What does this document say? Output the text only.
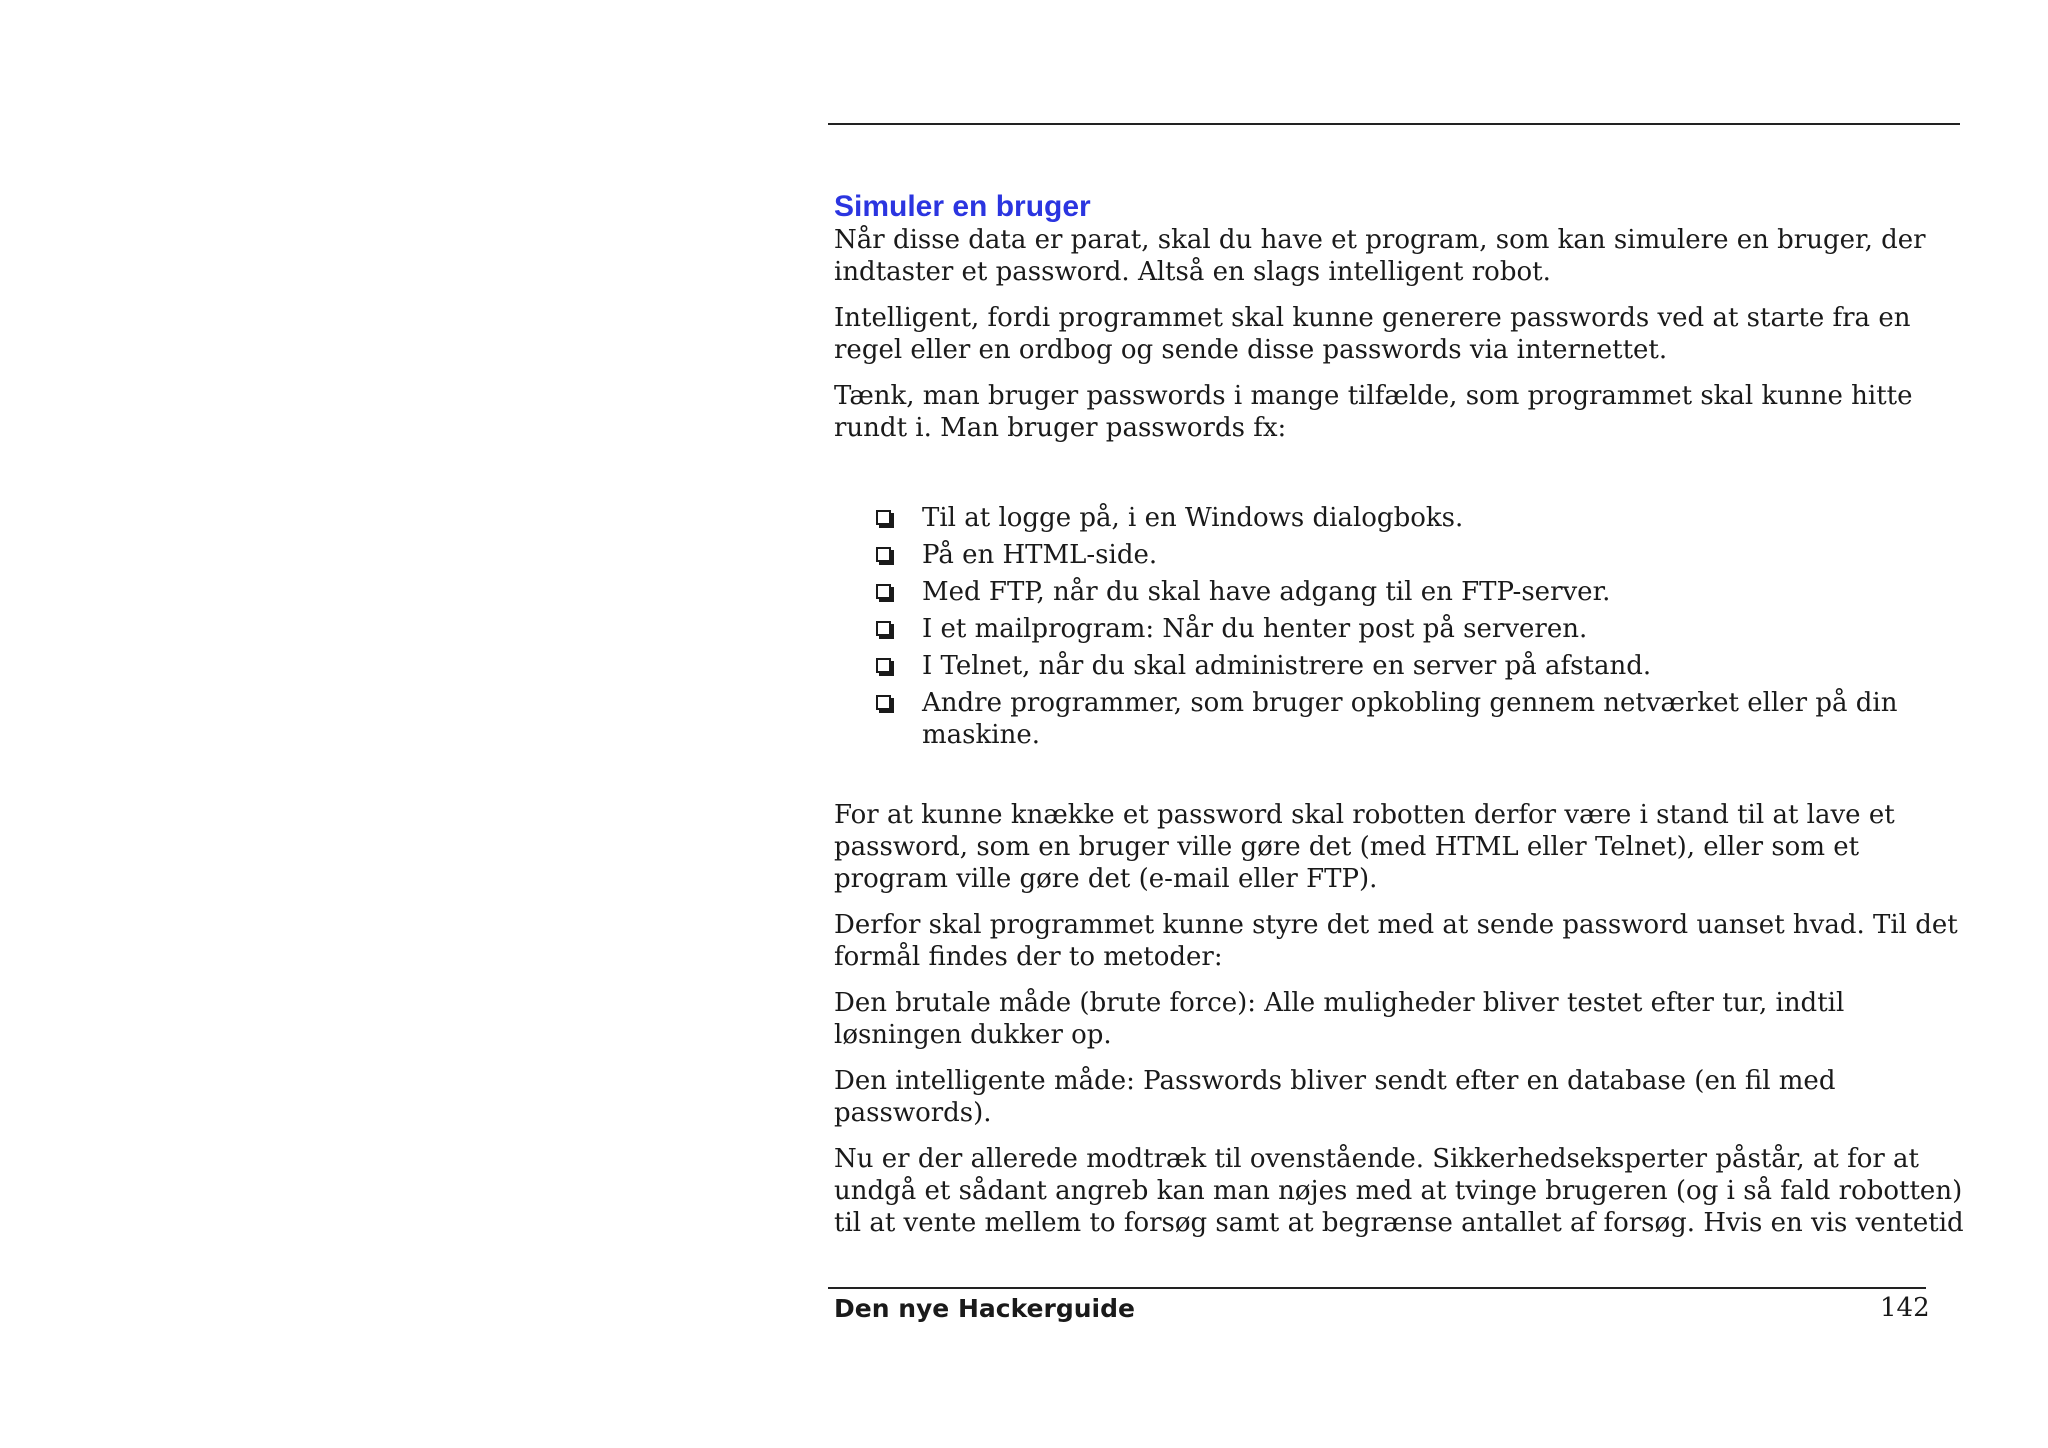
Simuler en bruger

Når disse data er parat, skal du have et program, som kan simulere en bruger, der indtaster et password. Altså en slags intelligent robot.

Intelligent, fordi programmet skal kunne generere passwords ved at starte fra en regel eller en ordbog og sende disse passwords via internettet.

Tænk, man bruger passwords i mange tilfælde, som programmet skal kunne hitte rundt i. Man bruger passwords fx:

Til at logge på, i en Windows dialogboks.
På en HTML-side.
Med FTP, når du skal have adgang til en FTP-server.
I et mailprogram: Når du henter post på serveren.
I Telnet, når du skal administrere en server på afstand.
Andre programmer, som bruger opkobling gennem netværket eller på din maskine.

For at kunne knække et password skal robotten derfor være i stand til at lave et password, som en bruger ville gøre det (med HTML eller Telnet), eller som et program ville gøre det (e-mail eller FTP).

Derfor skal programmet kunne styre det med at sende password uanset hvad. Til det formål findes der to metoder:

Den brutale måde (brute force): Alle muligheder bliver testet efter tur, indtil løsningen dukker op.

Den intelligente måde: Passwords bliver sendt efter en database (en fil med passwords).

Nu er der allerede modtræk til ovenstående. Sikkerhedseksperter påstår, at for at undgå et sådant angreb kan man nøjes med at tvinge brugeren (og i så fald robotten) til at vente mellem to forsøg samt at begrænse antallet af forsøg. Hvis en vis ventetid

Den nye Hackerguide	142
